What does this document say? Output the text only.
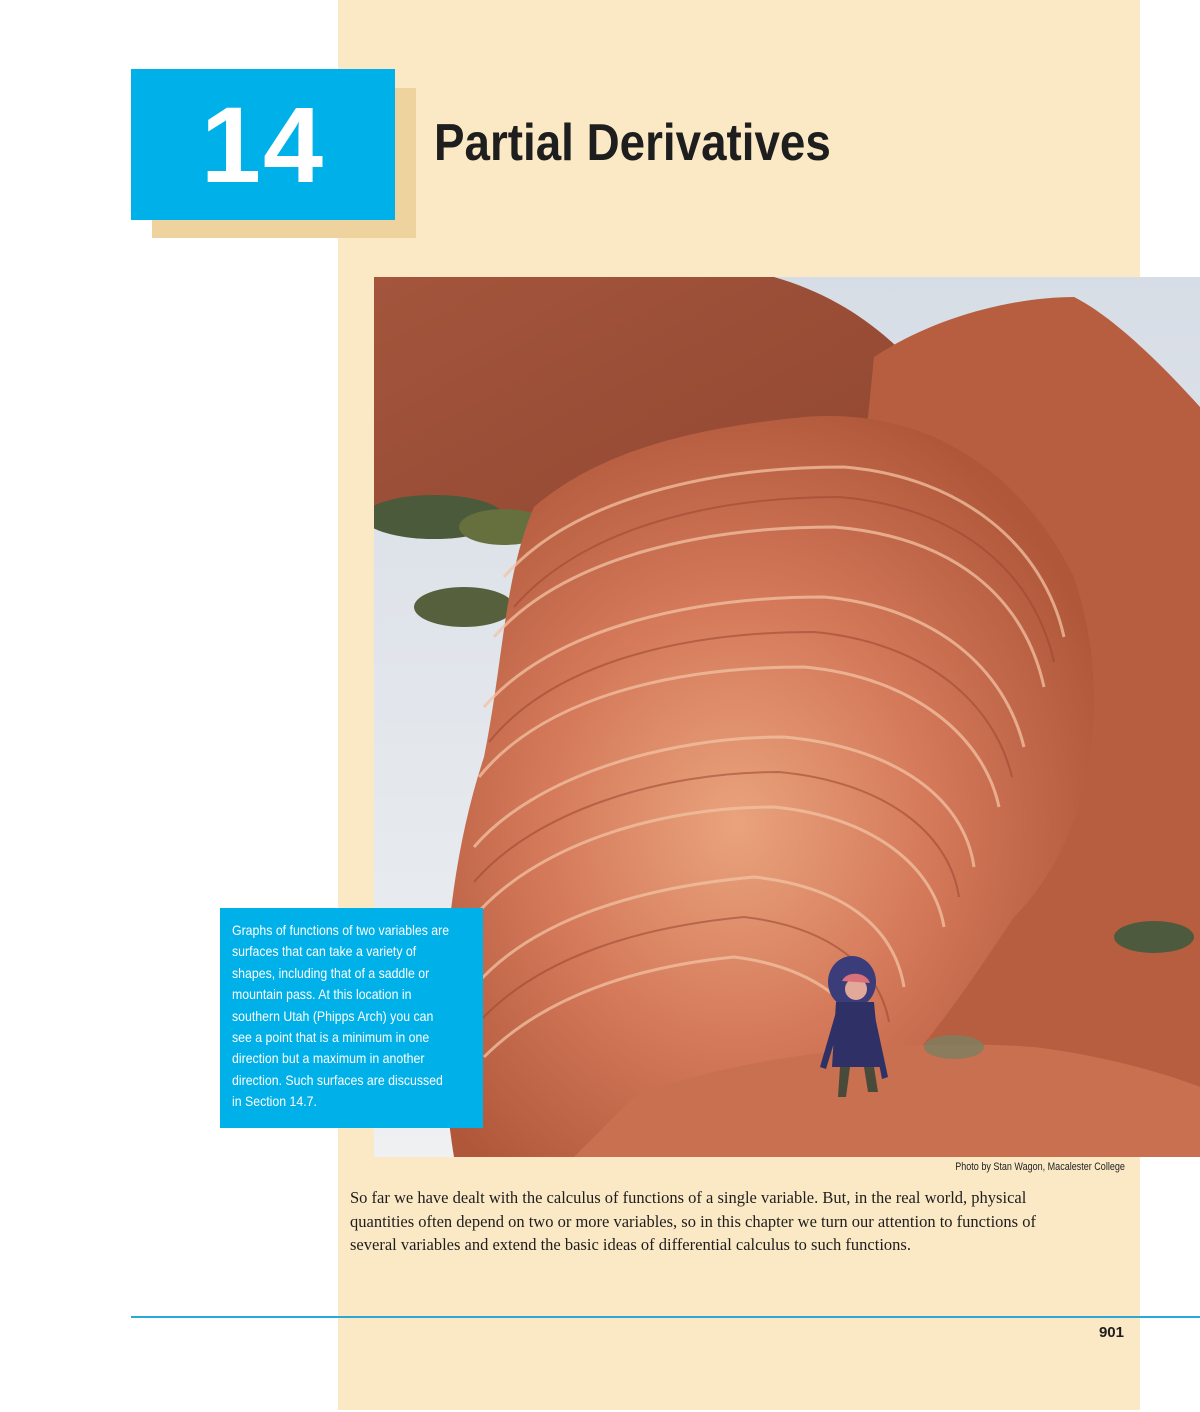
14 Partial Derivatives
Graphs of functions of two variables are
surfaces that can take a variety of
shapes, including that of a saddle or
mountain pass. At this location in
southern Utah (Phipps Arch) you can
see a point that is a minimum in one
direction but a maximum in another
direction. Such surfaces are discussed
in Section 14.7.
Photo by Stan Wagon, Macalester College
So far we have dealt with the calculus of functions of a single variable. But, in the real world, physical
quantities often depend on two or more variables, so in this chapter we turn our attention to functions of
several variables and extend the basic ideas of differential calculus to such functions.
901
